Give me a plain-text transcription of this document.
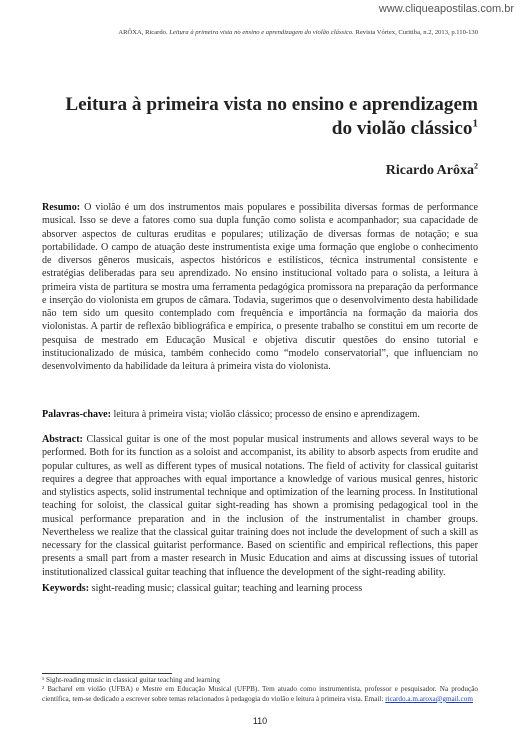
www.cliqueapostilas.com.br
ARÔXA, Ricardo. Leitura à primeira vista no ensino e aprendizagem do violão clássico. Revista Vórtex, Curitiba, n.2, 2013, p.110-130
Leitura à primeira vista no ensino e aprendizagem
do violão clássico$^1$
Ricardo Arôxa$^2$
Resumo: O violão é um dos instrumentos mais populares e possibilita diversas formas de performance musical. Isso se deve a fatores como sua dupla função como solista e acompanhador; sua capacidade de absorver aspectos de culturas eruditas e populares; utilização de diversas formas de notação; e sua portabilidade. O campo de atuação deste instrumentista exige uma formação que englobe o conhecimento de diversos gêneros musicais, aspectos históricos e estilísticos, técnica instrumental consistente e estratégias deliberadas para seu aprendizado. No ensino institucional voltado para o solista, a leitura à primeira vista de partitura se mostra uma ferramenta pedagógica promissora na preparação da performance e inserção do violonista em grupos de câmara. Todavia, sugerimos que o desenvolvimento desta habilidade não tem sido um quesito contemplado com frequência e importância na formação da maioria dos violonistas. A partir de reflexão bibliográfica e empírica, o presente trabalho se constitui em um recorte de pesquisa de mestrado em Educação Musical e objetiva discutir questões do ensino tutorial e institucionalizado de música, também conhecido como “modelo conservatorial”, que influenciam no desenvolvimento da habilidade da leitura à primeira vista do violonista.
Palavras-chave: leitura à primeira vista; violão clássico; processo de ensino e aprendizagem.
Abstract: Classical guitar is one of the most popular musical instruments and allows several ways to be performed. Both for its function as a soloist and accompanist, its ability to absorb aspects from erudite and popular cultures, as well as different types of musical notations. The field of activity for classical guitarist requires a degree that approaches with equal importance a knowledge of various musical genres, historic and stylistics aspects, solid instrumental technique and optimization of the learning process. In Institutional teaching for soloist, the classical guitar sight-reading has shown a promising pedagogical tool in the musical performance preparation and in the inclusion of the instrumentalist in chamber groups. Nevertheless we realize that the classical guitar training does not include the development of such a skill as necessary for the classical guitarist performance. Based on scientific and empirical reflections, this paper presents a small part from a master research in Music Education and aims at discussing issues of tutorial institutionalized classical guitar teaching that influence the development of the sight-reading ability.
Keywords: sight-reading music; classical guitar; teaching and learning process
¹ Sight-reading music in classical guitar teaching and learning
² Bacharel em violão (UFBA) e Mestre em Educação Musical (UFPB). Tem atuado como instrumentista, professor e pesquisador. Na produção científica, tem-se dedicado a escrever sobre temas relacionados à pedagogia do violão e leitura à primeira vista. Email: ricardo.a.m.aroxa@gmail.com
110
